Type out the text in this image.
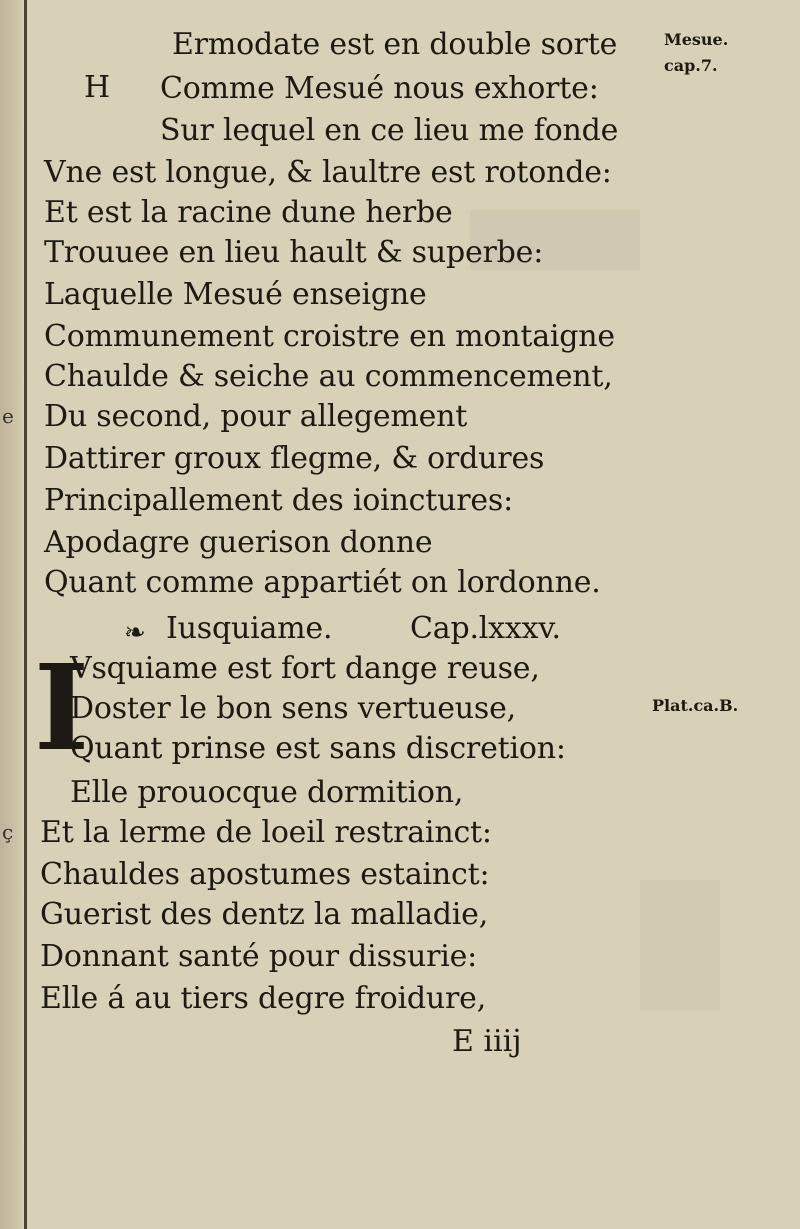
e
ç
H
Mesue.
cap.7.
Plat.ca.B.
Ermodate est en double sorte
Comme Mesué nous exhorte:
Sur lequel en ce lieu me fonde
Vne est longue, & laultre est rotonde:
Et est la racine dune herbe
Trouuee en lieu hault & superbe:
Laquelle Mesué enseigne
Communement croistre en montaigne
Chaulde & seiche au commencement,
Du second, pour allegement
Dattirer groux flegme, & ordures
Principallement des ioinctures:
Apodagre guerison donne
Quant comme appartiét on lordonne.
❧ Iusquiame.	Cap.lxxxv.
I
Vsquiame est fort dange reuse,
Doster le bon sens vertueuse,
Quant prinse est sans discretion:
Elle prouocque dormition,
Et la lerme de loeil restrainct:
Chauldes apostumes estainct:
Guerist des dentz la malladie,
Donnant santé pour dissurie:
Elle á au tiers degre froidure,
E iiij
